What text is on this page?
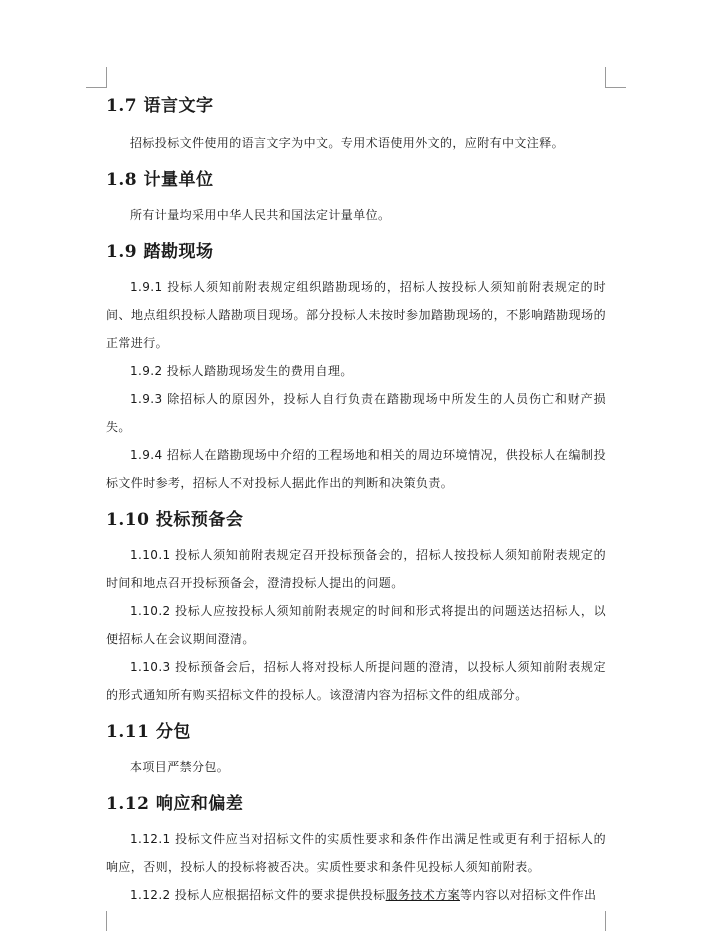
1.7 语言文字

招标投标文件使用的语言文字为中文。专用术语使用外文的，应附有中文注释。

1.8 计量单位

所有计量均采用中华人民共和国法定计量单位。

1.9 踏勘现场

1.9.1 投标人须知前附表规定组织踏勘现场的，招标人按投标人须知前附表规定的时间、地点组织投标人踏勘项目现场。部分投标人未按时参加踏勘现场的，不影响踏勘现场的正常进行。

1.9.2 投标人踏勘现场发生的费用自理。

1.9.3 除招标人的原因外，投标人自行负责在踏勘现场中所发生的人员伤亡和财产损失。

1.9.4 招标人在踏勘现场中介绍的工程场地和相关的周边环境情况，供投标人在编制投标文件时参考，招标人不对投标人据此作出的判断和决策负责。

1.10 投标预备会

1.10.1 投标人须知前附表规定召开投标预备会的，招标人按投标人须知前附表规定的时间和地点召开投标预备会，澄清投标人提出的问题。

1.10.2 投标人应按投标人须知前附表规定的时间和形式将提出的问题送达招标人，以便招标人在会议期间澄清。

1.10.3 投标预备会后，招标人将对投标人所提问题的澄清，以投标人须知前附表规定的形式通知所有购买招标文件的投标人。该澄清内容为招标文件的组成部分。

1.11 分包

本项目严禁分包。

1.12 响应和偏差

1.12.1 投标文件应当对招标文件的实质性要求和条件作出满足性或更有利于招标人的响应，否则，投标人的投标将被否决。实质性要求和条件见投标人须知前附表。

1.12.2 投标人应根据招标文件的要求提供投标服务技术方案等内容以对招标文件作出
